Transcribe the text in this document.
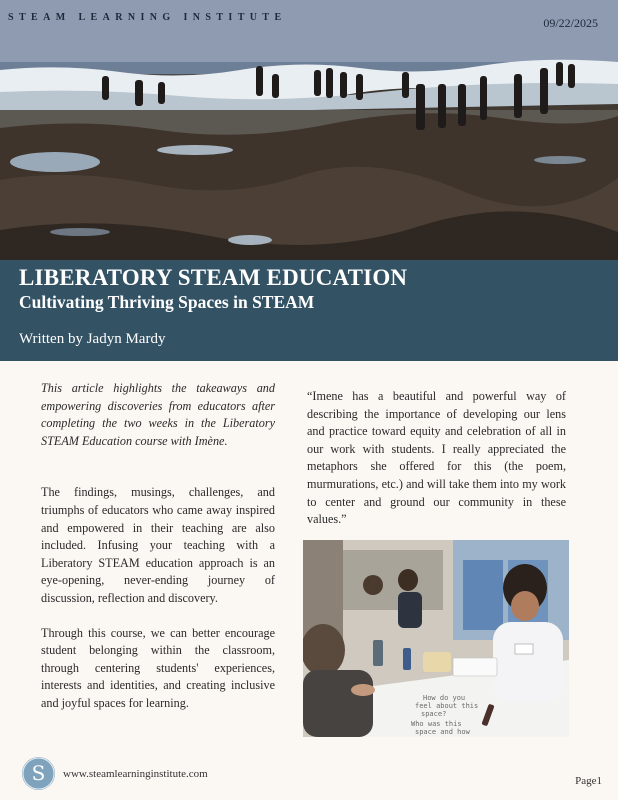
STEAM LEARNING INSTITUTE	09/22/2025
LIBERATORY STEAM EDUCATION
Cultivating Thriving Spaces in STEAM

Written by Jadyn Mardy

This article highlights the takeaways and empowering discoveries from educators after completing the two weeks in the Liberatory STEAM Education course with Imène.

The findings, musings, challenges, and triumphs of educators who came away inspired and empowered in their teaching are also included. Infusing your teaching with a Liberatory STEAM education approach is an eye-opening, never-ending journey of discussion, reflection and discovery.

Through this course, we can better encourage student belonging within the classroom, through centering students' experiences, interests and identities, and creating inclusive and joyful spaces for learning.

“Imene has a beautiful and powerful way of describing the importance of developing our lens and practice toward equity and celebration of all in our work with students. I really appreciated the metaphors she offered for this (the poem, murmurations, etc.) and will take them into my work to center and ground our community in these values.”

How do you
feel about this
space?
Who was this
space and how
S www.steamlearninginstitute.com
Page1
